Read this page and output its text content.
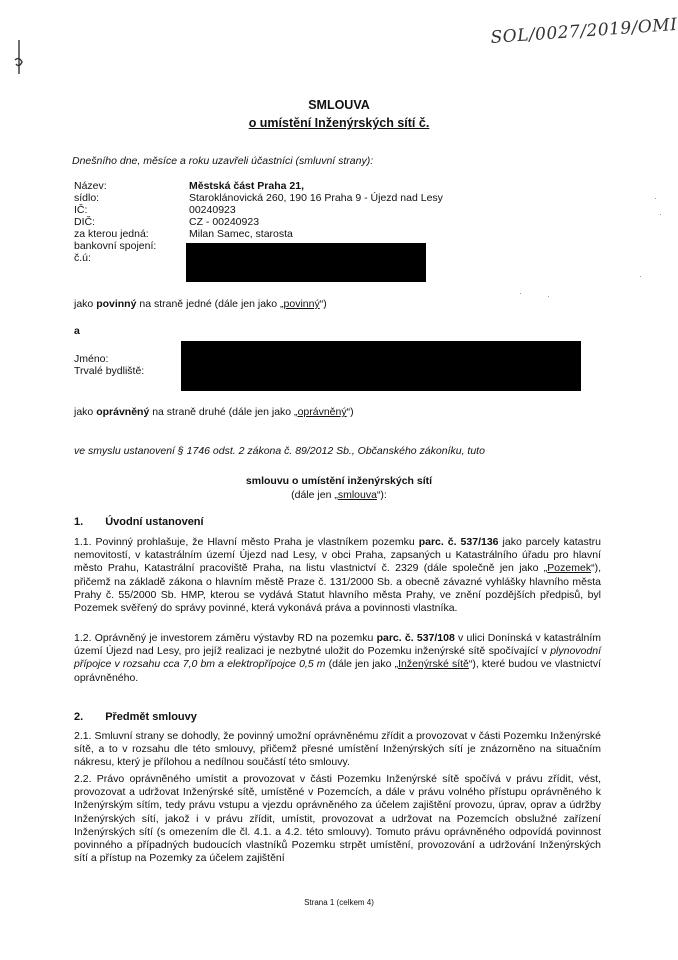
SOL/0027/2019/OMI
SMLOUVA
o umístění Inženýrských sítí č.
Dnešního dne, měsíce a roku uzavřeli účastníci (smluvní strany):
Název:
sídlo:
IČ:
DIČ:
za kterou jedná:
bankovní spojení:
č.ú:
Městská část Praha 21,
Staroklánovická 260, 190 16 Praha 9 - Újezd nad Lesy
00240923
CZ - 00240923
Milan Samec, starosta
jako povinný na straně jedné (dále jen jako „povinný“)
a
Jméno:
Trvalé bydliště:
jako oprávněný na straně druhé (dále jen jako „oprávněný“)
ve smyslu ustanovení § 1746 odst. 2 zákona č. 89/2012 Sb., Občanského zákoníku, tuto
smlouvu o umístění inženýrských sítí
(dále jen „smlouva“):
1. Úvodní ustanovení
1.1. Povinný prohlašuje, že Hlavní město Praha je vlastníkem pozemku parc. č. 537/136 jako parcely katastru nemovitostí, v katastrálním území Újezd nad Lesy, v obci Praha, zapsaných u Katastrálního úřadu pro hlavní město Prahu, Katastrální pracoviště Praha, na listu vlastnictví č. 2329 (dále společně jen jako „Pozemek“), přičemž na základě zákona o hlavním městě Praze č. 131/2000 Sb. a obecně závazné vyhlášky hlavního města Prahy č. 55/2000 Sb. HMP, kterou se vydává Statut hlavního města Prahy, ve znění pozdějších předpisů, byl Pozemek svěřený do správy povinné, která vykonává práva a povinnosti vlastníka.
1.2. Oprávněný je investorem záměru výstavby RD na pozemku parc. č. 537/108 v ulici Donínská v katastrálním území Újezd nad Lesy, pro jejíž realizaci je nezbytné uložit do Pozemku inženýrské sítě spočívající v plynovodní přípojce v rozsahu cca 7,0 bm a elektropřípojce 0,5 m (dále jen jako „Inženýrské sítě“), které budou ve vlastnictví oprávněného.
2. Předmět smlouvy
2.1. Smluvní strany se dohodly, že povinný umožní oprávněnému zřídit a provozovat v části Pozemku Inženýrské sítě, a to v rozsahu dle této smlouvy, přičemž přesné umístění Inženýrských sítí je znázorněno na situačním nákresu, který je přílohou a nedílnou součástí této smlouvy.
2.2. Právo oprávněného umístit a provozovat v části Pozemku Inženýrské sítě spočívá v právu zřídit, vést, provozovat a udržovat Inženýrské sítě, umístěné v Pozemcích, a dále v právu volného přístupu oprávněného k Inženýrským sítím, tedy právu vstupu a vjezdu oprávněného za účelem zajištění provozu, úprav, oprav a údržby Inženýrských sítí, jakož i v právu zřídit, umístit, provozovat a udržovat na Pozemcích obslužné zařízení Inženýrských sítí (s omezením dle čl. 4.1. a 4.2. této smlouvy). Tomuto právu oprávněného odpovídá povinnost povinného a případných budoucích vlastníků Pozemku strpět umístění, provozování a udržování Inženýrských sítí a přístup na Pozemky za účelem zajištění
Strana 1 (celkem 4)
